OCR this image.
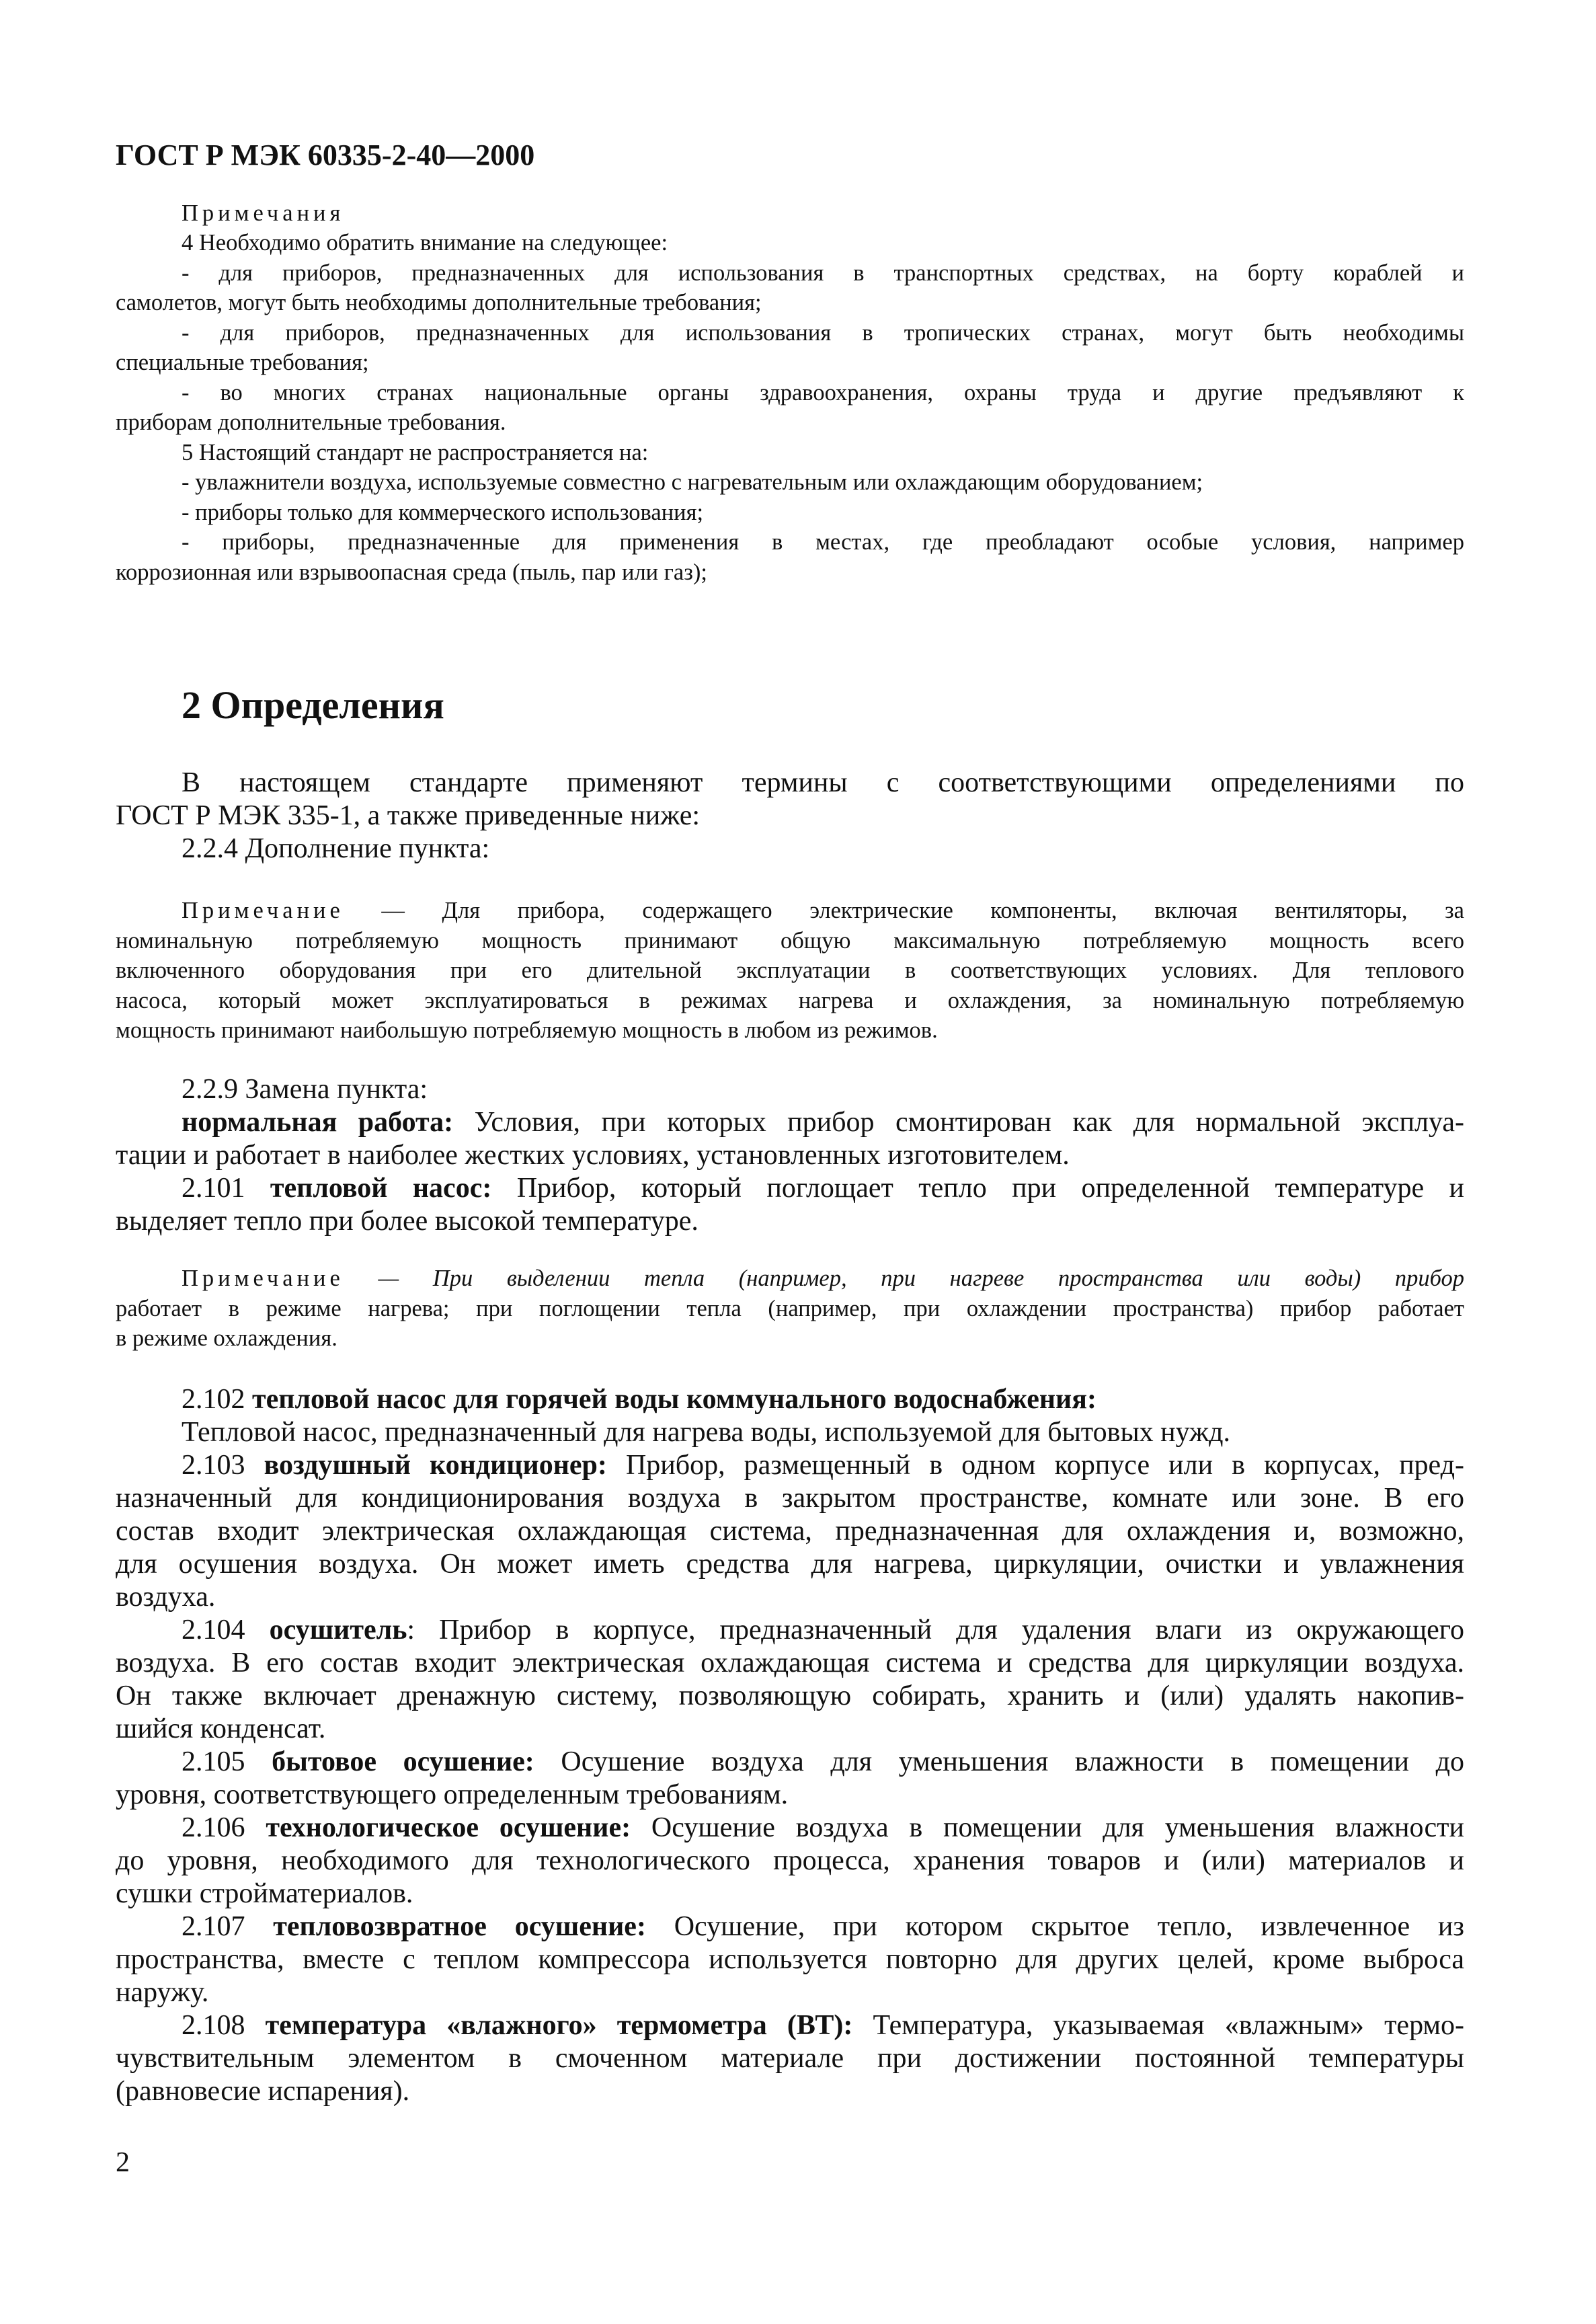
ГОСТ Р МЭК 60335-2-40—2000

Примечания

4 Необходимо обратить внимание на следующее:

- для приборов, предназначенных для использования в транспортных средствах, на борту кораблей и

самолетов, могут быть необходимы дополнительные требования;

- для приборов, предназначенных для использования в тропических странах, могут быть необходимы

специальные требования;

- во многих странах национальные органы здравоохранения, охраны труда и другие предъявляют к

приборам дополнительные требования.

5 Настоящий стандарт не распространяется на:

- увлажнители воздуха, используемые совместно с нагревательным или охлаждающим оборудованием;

- приборы только для коммерческого использования;

- приборы, предназначенные для применения в местах, где преобладают особые условия, например

коррозионная или взрывоопасная среда (пыль, пар или газ);

2 Определения

В настоящем стандарте применяют термины с соответствующими определениями по

ГОСТ Р МЭК 335-1, а также приведенные ниже:

2.2.4 Дополнение пункта:

Примечание — Для прибора, содержащего электрические компоненты, включая вентиляторы, за

номинальную потребляемую мощность принимают общую максимальную потребляемую мощность всего

включенного оборудования при его длительной эксплуатации в соответствующих условиях. Для теплового

насоса, который может эксплуатироваться в режимах нагрева и охлаждения, за номинальную потребляемую

мощность принимают наибольшую потребляемую мощность в любом из режимов.

2.2.9 Замена пункта:

нормальная работа: Условия, при которых прибор смонтирован как для нормальной эксплуа-

тации и работает в наиболее жестких условиях, установленных изготовителем.

2.101 тепловой насос: Прибор, который поглощает тепло при определенной температуре и

выделяет тепло при более высокой температуре.

Примечание — При выделении тепла (например, при нагреве пространства или воды) прибор

работает в режиме нагрева; при поглощении тепла (например, при охлаждении пространства) прибор работает

в режиме охлаждения.

2.102 тепловой насос для горячей воды коммунального водоснабжения:

Тепловой насос, предназначенный для нагрева воды, используемой для бытовых нужд.

2.103 воздушный кондиционер: Прибор, размещенный в одном корпусе или в корпусах, пред-

назначенный для кондиционирования воздуха в закрытом пространстве, комнате или зоне. В его

состав входит электрическая охлаждающая система, предназначенная для охлаждения и, возможно,

для осушения воздуха. Он может иметь средства для нагрева, циркуляции, очистки и увлажнения

воздуха.

2.104 осушитель: Прибор в корпусе, предназначенный для удаления влаги из окружающего

воздуха. В его состав входит электрическая охлаждающая система и средства для циркуляции воздуха.

Он также включает дренажную систему, позволяющую собирать, хранить и (или) удалять накопив-

шийся конденсат.

2.105 бытовое осушение: Осушение воздуха для уменьшения влажности в помещении до

уровня, соответствующего определенным требованиям.

2.106 технологическое осушение: Осушение воздуха в помещении для уменьшения влажности

до уровня, необходимого для технологического процесса, хранения товаров и (или) материалов и

сушки стройматериалов.

2.107 тепловозвратное осушение: Осушение, при котором скрытое тепло, извлеченное из

пространства, вместе с теплом компрессора используется повторно для других целей, кроме выброса

наружу.

2.108 температура «влажного» термометра (ВТ): Температура, указываемая «влажным» термо-

чувствительным элементом в смоченном материале при достижении постоянной температуры

(равновесие испарения).

2
